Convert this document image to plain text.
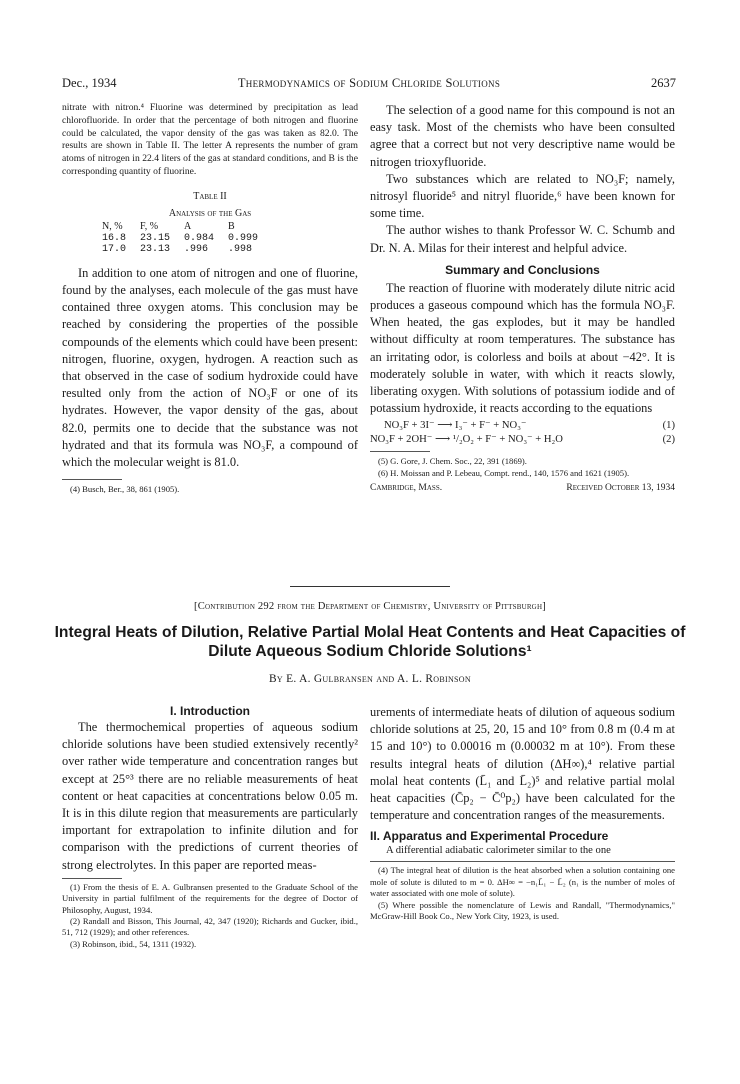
Dec., 1934	Thermodynamics of Sodium Chloride Solutions	2637

nitrate with nitron.⁴ Fluorine was determined by precipitation as lead chlorofluoride. In order that the percentage of both nitrogen and fluorine could be calculated, the vapor density of the gas was taken as 82.0. The results are shown in Table II. The letter A represents the number of gram atoms of nitrogen in 22.4 liters of the gas at standard conditions, and B is the corresponding quantity of fluorine.

Table II
Analysis of the Gas
N, %	F, %	A	B
16.8	23.15	0.984	0.999
17.0	23.13	.996	.998

In addition to one atom of nitrogen and one of fluorine, found by the analyses, each molecule of the gas must have contained three oxygen atoms. This conclusion may be reached by considering the properties of the possible compounds of the elements which could have been present: nitrogen, fluorine, oxygen, hydrogen. A reaction such as that observed in the case of sodium hydroxide could have resulted only from the action of NO₃F or one of its hydrates. However, the vapor density of the gas, about 82.0, permits one to decide that the substance was not hydrated and that its formula was NO₃F, a compound of which the molecular weight is 81.0.

(4) Busch, Ber., 38, 861 (1905).

The selection of a good name for this compound is not an easy task. Most of the chemists who have been consulted agree that a correct but not very descriptive name would be nitrogen trioxyfluoride.

Two substances which are related to NO₃F; namely, nitrosyl fluoride⁵ and nitryl fluoride,⁶ have been known for some time.

The author wishes to thank Professor W. C. Schumb and Dr. N. A. Milas for their interest and helpful advice.

Summary and Conclusions

The reaction of fluorine with moderately dilute nitric acid produces a gaseous compound which has the formula NO₃F. When heated, the gas explodes, but it may be handled without difficulty at room temperatures. The substance has an irritating odor, is colorless and boils at about −42°. It is moderately soluble in water, with which it reacts slowly, liberating oxygen. With solutions of potassium iodide and of potassium hydroxide, it reacts according to the equations

NO₃F + 3I⁻ ⟶ I₃⁻ + F⁻ + NO₃⁻	(1)
NO₃F + 2OH⁻ ⟶ ¹/₂O₂ + F⁻ + NO₃⁻ + H₂O	(2)

(5) G. Gore, J. Chem. Soc., 22, 391 (1869).

(6) H. Moissan and P. Lebeau, Compt. rend., 140, 1576 and 1621 (1905).

Cambridge, Mass.	Received October 13, 1934
[Contribution 292 from the Department of Chemistry, University of Pittsburgh]
Integral Heats of Dilution, Relative Partial Molal Heat Contents and Heat Capacities of Dilute Aqueous Sodium Chloride Solutions¹
By E. A. Gulbransen and A. L. Robinson
I. Introduction

The thermochemical properties of aqueous sodium chloride solutions have been studied extensively recently² over rather wide temperature and concentration ranges but except at 25°³ there are no reliable measurements of heat content or heat capacities at concentrations below 0.05 m. It is in this dilute region that measurements are particularly important for extrapolation to infinite dilution and for comparison with the predictions of current theories of strong electrolytes. In this paper are reported meas-

(1) From the thesis of E. A. Gulbransen presented to the Graduate School of the University in partial fulfilment of the requirements for the degree of Doctor of Philosophy, August, 1934.

(2) Randall and Bisson, This Journal, 42, 347 (1920); Richards and Gucker, ibid., 51, 712 (1929); and other references.

(3) Robinson, ibid., 54, 1311 (1932).

urements of intermediate heats of dilution of aqueous sodium chloride solutions at 25, 20, 15 and 10° from 0.8 m (0.4 m at 15 and 10°) to 0.00016 m (0.00032 m at 10°). From these results integral heats of dilution (ΔH∞),⁴ relative partial molal heat contents (L̄₁ and L̄₂)⁵ and relative partial molal heat capacities (C̄p₂ − C̄⁰p₂) have been calculated for the temperature and concentration ranges of the measurements.

II. Apparatus and Experimental Procedure

A differential adiabatic calorimeter similar to the one

(4) The integral heat of dilution is the heat absorbed when a solution containing one mole of solute is diluted to m = 0. ΔH∞ = −n₁L̄₁ − L̄₂ (n₁ is the number of moles of water associated with one mole of solute).

(5) Where possible the nomenclature of Lewis and Randall, "Thermodynamics," McGraw-Hill Book Co., New York City, 1923, is used.
